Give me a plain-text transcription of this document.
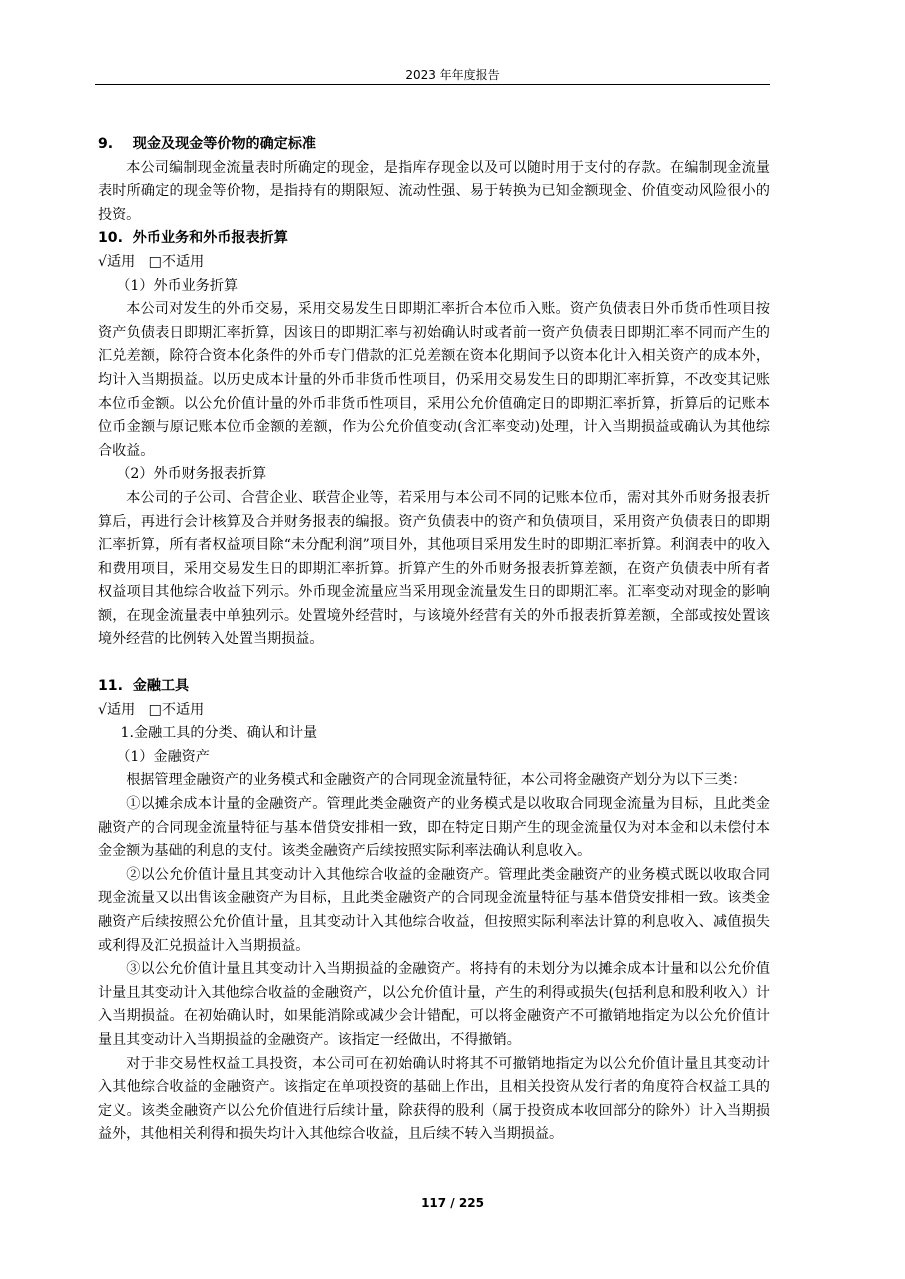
2023 年年度报告

9.    现金及现金等价物的确定标准

本公司编制现金流量表时所确定的现金，是指库存现金以及可以随时用于支付的存款。在编制现金流量表时所确定的现金等价物，是指持有的期限短、流动性强、易于转换为已知金额现金、价值变动风险很小的投资。

10.  外币业务和外币报表折算

√适用   □不适用

（1）外币业务折算

本公司对发生的外币交易，采用交易发生日即期汇率折合本位币入账。资产负债表日外币货币性项目按资产负债表日即期汇率折算，因该日的即期汇率与初始确认时或者前一资产负债表日即期汇率不同而产生的汇兑差额，除符合资本化条件的外币专门借款的汇兑差额在资本化期间予以资本化计入相关资产的成本外，均计入当期损益。以历史成本计量的外币非货币性项目，仍采用交易发生日的即期汇率折算，不改变其记账本位币金额。以公允价值计量的外币非货币性项目，采用公允价值确定日的即期汇率折算，折算后的记账本位币金额与原记账本位币金额的差额，作为公允价值变动(含汇率变动)处理，计入当期损益或确认为其他综合收益。

（2）外币财务报表折算

本公司的子公司、合营企业、联营企业等，若采用与本公司不同的记账本位币，需对其外币财务报表折算后，再进行会计核算及合并财务报表的编报。资产负债表中的资产和负债项目，采用资产负债表日的即期汇率折算，所有者权益项目除“未分配利润”项目外，其他项目采用发生时的即期汇率折算。利润表中的收入和费用项目，采用交易发生日的即期汇率折算。折算产生的外币财务报表折算差额，在资产负债表中所有者权益项目其他综合收益下列示。外币现金流量应当采用现金流量发生日的即期汇率。汇率变动对现金的影响额，在现金流量表中单独列示。处置境外经营时，与该境外经营有关的外币报表折算差额，全部或按处置该境外经营的比例转入处置当期损益。

11.  金融工具

√适用   □不适用

1.金融工具的分类、确认和计量

（1）金融资产

根据管理金融资产的业务模式和金融资产的合同现金流量特征，本公司将金融资产划分为以下三类：

①以摊余成本计量的金融资产。管理此类金融资产的业务模式是以收取合同现金流量为目标，且此类金融资产的合同现金流量特征与基本借贷安排相一致，即在特定日期产生的现金流量仅为对本金和以未偿付本金金额为基础的利息的支付。该类金融资产后续按照实际利率法确认利息收入。

②以公允价值计量且其变动计入其他综合收益的金融资产。管理此类金融资产的业务模式既以收取合同现金流量又以出售该金融资产为目标，且此类金融资产的合同现金流量特征与基本借贷安排相一致。该类金融资产后续按照公允价值计量，且其变动计入其他综合收益，但按照实际利率法计算的利息收入、减值损失或利得及汇兑损益计入当期损益。

③以公允价值计量且其变动计入当期损益的金融资产。将持有的未划分为以摊余成本计量和以公允价值计量且其变动计入其他综合收益的金融资产，以公允价值计量，产生的利得或损失(包括利息和股利收入）计入当期损益。在初始确认时，如果能消除或减少会计错配，可以将金融资产不可撤销地指定为以公允价值计量且其变动计入当期损益的金融资产。该指定一经做出，不得撤销。

对于非交易性权益工具投资，本公司可在初始确认时将其不可撤销地指定为以公允价值计量且其变动计入其他综合收益的金融资产。该指定在单项投资的基础上作出，且相关投资从发行者的角度符合权益工具的定义。该类金融资产以公允价值进行后续计量，除获得的股利（属于投资成本收回部分的除外）计入当期损益外，其他相关利得和损失均计入其他综合收益，且后续不转入当期损益。

117 / 225
